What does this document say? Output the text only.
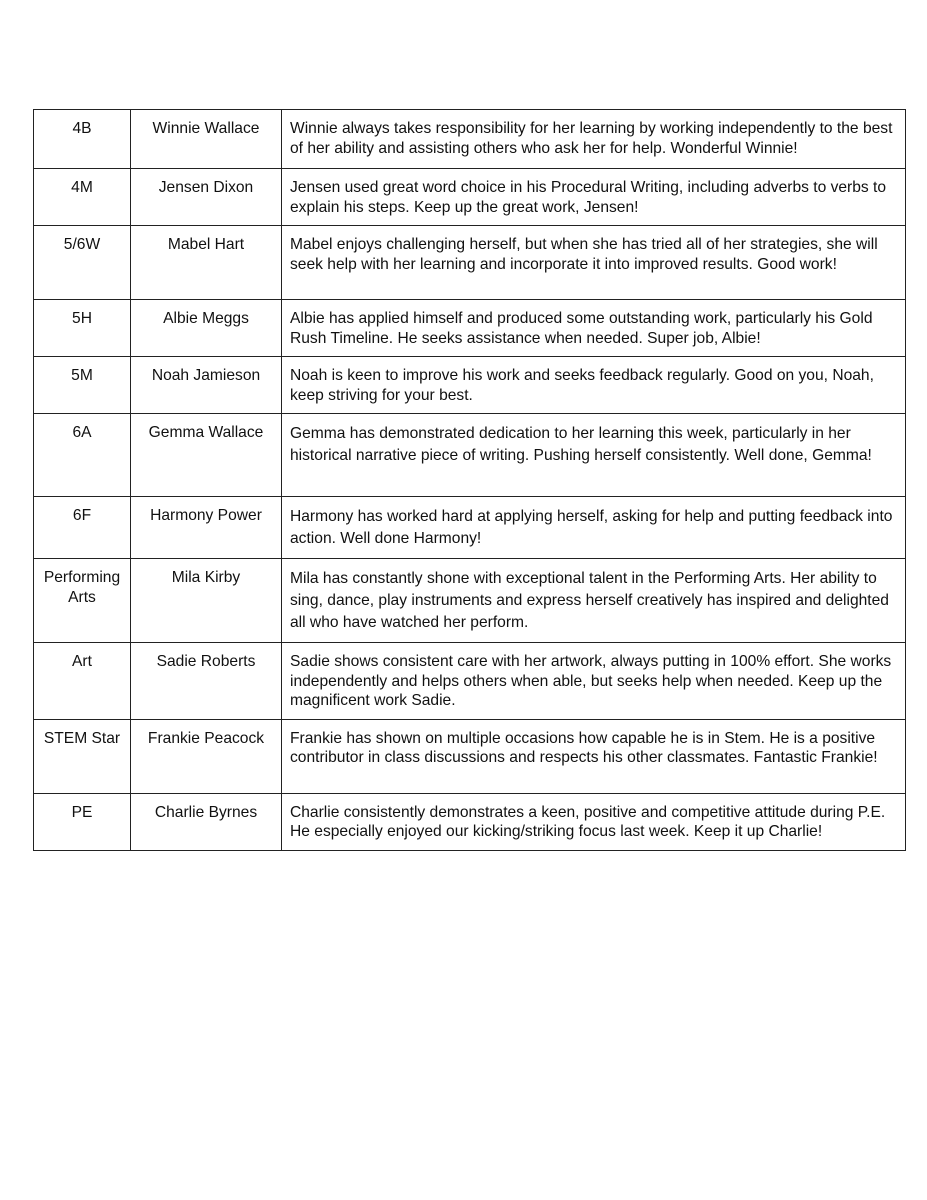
4B	Winnie Wallace	Winnie always takes responsibility for her learning by working independently to the best of her ability and assisting others who ask her for help. Wonderful Winnie!
4M	Jensen Dixon	Jensen used great word choice in his Procedural Writing, including adverbs to verbs to explain his steps. Keep up the great work, Jensen!
5/6W	Mabel Hart	Mabel enjoys challenging herself, but when she has tried all of her strategies, she will seek help with her learning and incorporate it into improved results. Good work!
5H	Albie Meggs	Albie has applied himself and produced some outstanding work, particularly his Gold Rush Timeline. He seeks assistance when needed. Super job, Albie!
5M	Noah Jamieson	Noah is keen to improve his work and seeks feedback regularly. Good on you, Noah, keep striving for your best.
6A	Gemma Wallace	Gemma has demonstrated dedication to her learning this week, particularly in her historical narrative piece of writing. Pushing herself consistently. Well done, Gemma!
6F	Harmony Power	Harmony has worked hard at applying herself, asking for help and putting feedback into action. Well done Harmony!
Performing Arts	Mila Kirby	Mila has constantly shone with exceptional talent in the Performing Arts. Her ability to sing, dance, play instruments and express herself creatively has inspired and delighted all who have watched her perform.
Art	Sadie Roberts	Sadie shows consistent care with her artwork, always putting in 100% effort. She works independently and helps others when able, but seeks help when needed. Keep up the magnificent work Sadie.
STEM Star	Frankie Peacock	Frankie has shown on multiple occasions how capable he is in Stem. He is a positive contributor in class discussions and respects his other classmates. Fantastic Frankie!
PE	Charlie Byrnes	Charlie consistently demonstrates a keen, positive and competitive attitude during P.E. He especially enjoyed our kicking/striking focus last week. Keep it up Charlie!
